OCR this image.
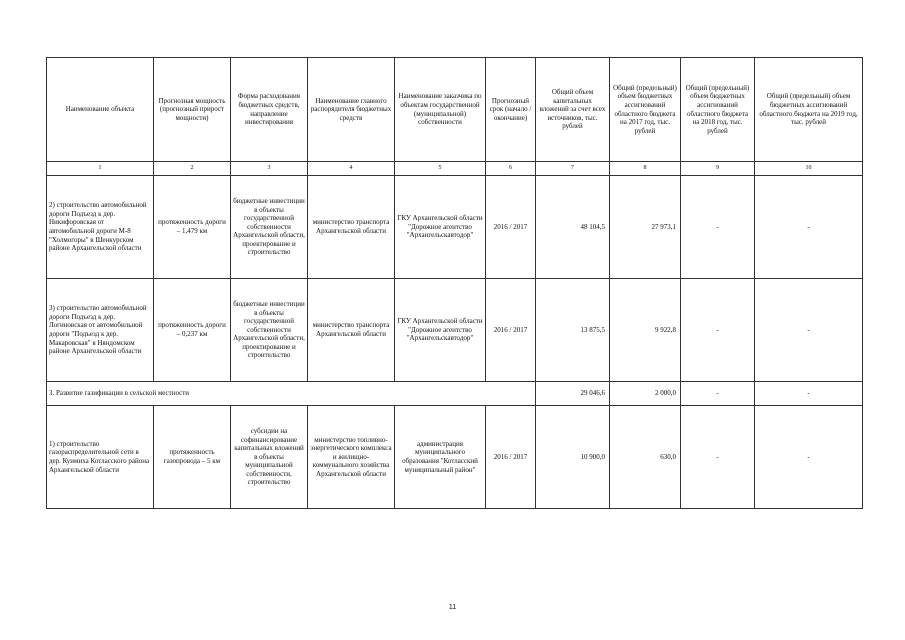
Наименование объекта	Прогнозная мощность (прогнозный прирост мощности)	Форма расходования бюджетных средств, направление инвестирования	Наименование главного распорядителя бюджетных средств	Наименование заказчика по объектам государственной (муниципальной) собственности	Прогнозный срок (начало / окончание)	Общий объем капитальных вложений за счет всех источников, тыс. рублей	Общий (предельный) объем бюджетных ассигнований областного бюджета на 2017 год, тыс. рублей	Общий (предельный) объем бюджетных ассигнований областного бюджета на 2018 год, тыс. рублей	Общий (предельный) объем бюджетных ассигнований областного бюджета на 2019 год, тыс. рублей
1	2	3	4	5	6	7	8	9	10
2) строительство автомобильной дороги Подъезд к дер. Никифоровская от автомобильной дороги М-8 "Холмогоры" в Шенкурском районе Архангельской области	протяженность дороги – 1,479 км	бюджетные инвестиции в объекты государственной собственности Архангельской области, проектирование и строительство	министерство транспорта Архангельской области	ГКУ Архангельской области "Дорожное агентство "Архангельскавтодор"	2016 / 2017	48 104,5	27 973,1	-	-
3) строительство автомобильной дороги Подъезд к дер. Логиновская от автомобильной дороги "Подъезд к дер. Макаровская" в Няндомском районе Архангельской области	протяженность дороги – 0,237 км	бюджетные инвестиции в объекты государственной собственности Архангельской области, проектирование и строительство	министерство транспорта Архангельской области	ГКУ Архангельской области "Дорожное агентство "Архангельскавтодор"	2016 / 2017	13 875,5	9 922,8	-	-
3. Развитие газификации в сельской местности						29 046,6	2 000,0	-	-
1) строительство газораспределительной сети в дер. Куимиха Котласского района Архангельской области	протяженность газопровода – 5 км	субсидии на софинансирование капитальных вложений в объекты муниципальной собственности, строительство	министерство топливно-энергетического комплекса и жилищно-коммунального хозяйства Архангельской области	администрация муниципального образования "Котласский муниципальный район"	2016 / 2017	10 900,0	630,0	-	-
11
